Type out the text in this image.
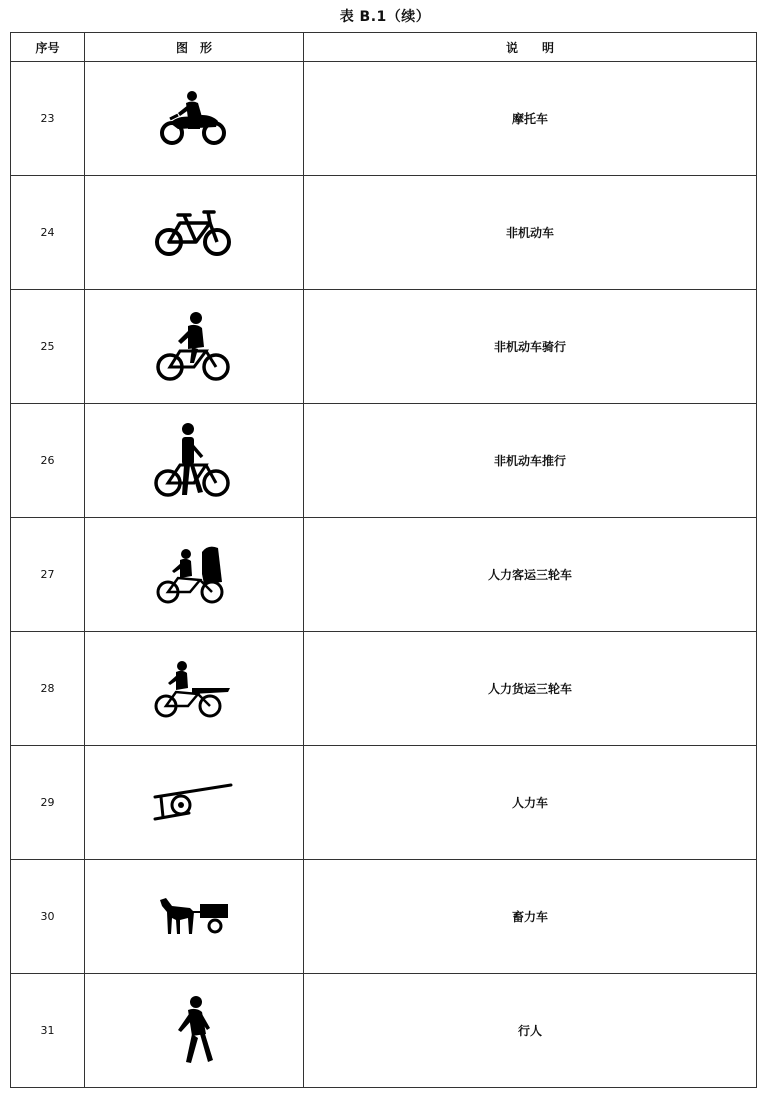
表 B.1（续）
序号	图　形	说　　明
23		摩托车
24		非机动车
25		非机动车骑行
26		非机动车推行
27		人力客运三轮车
28		人力货运三轮车
29		人力车
30		畜力车
31		行人
